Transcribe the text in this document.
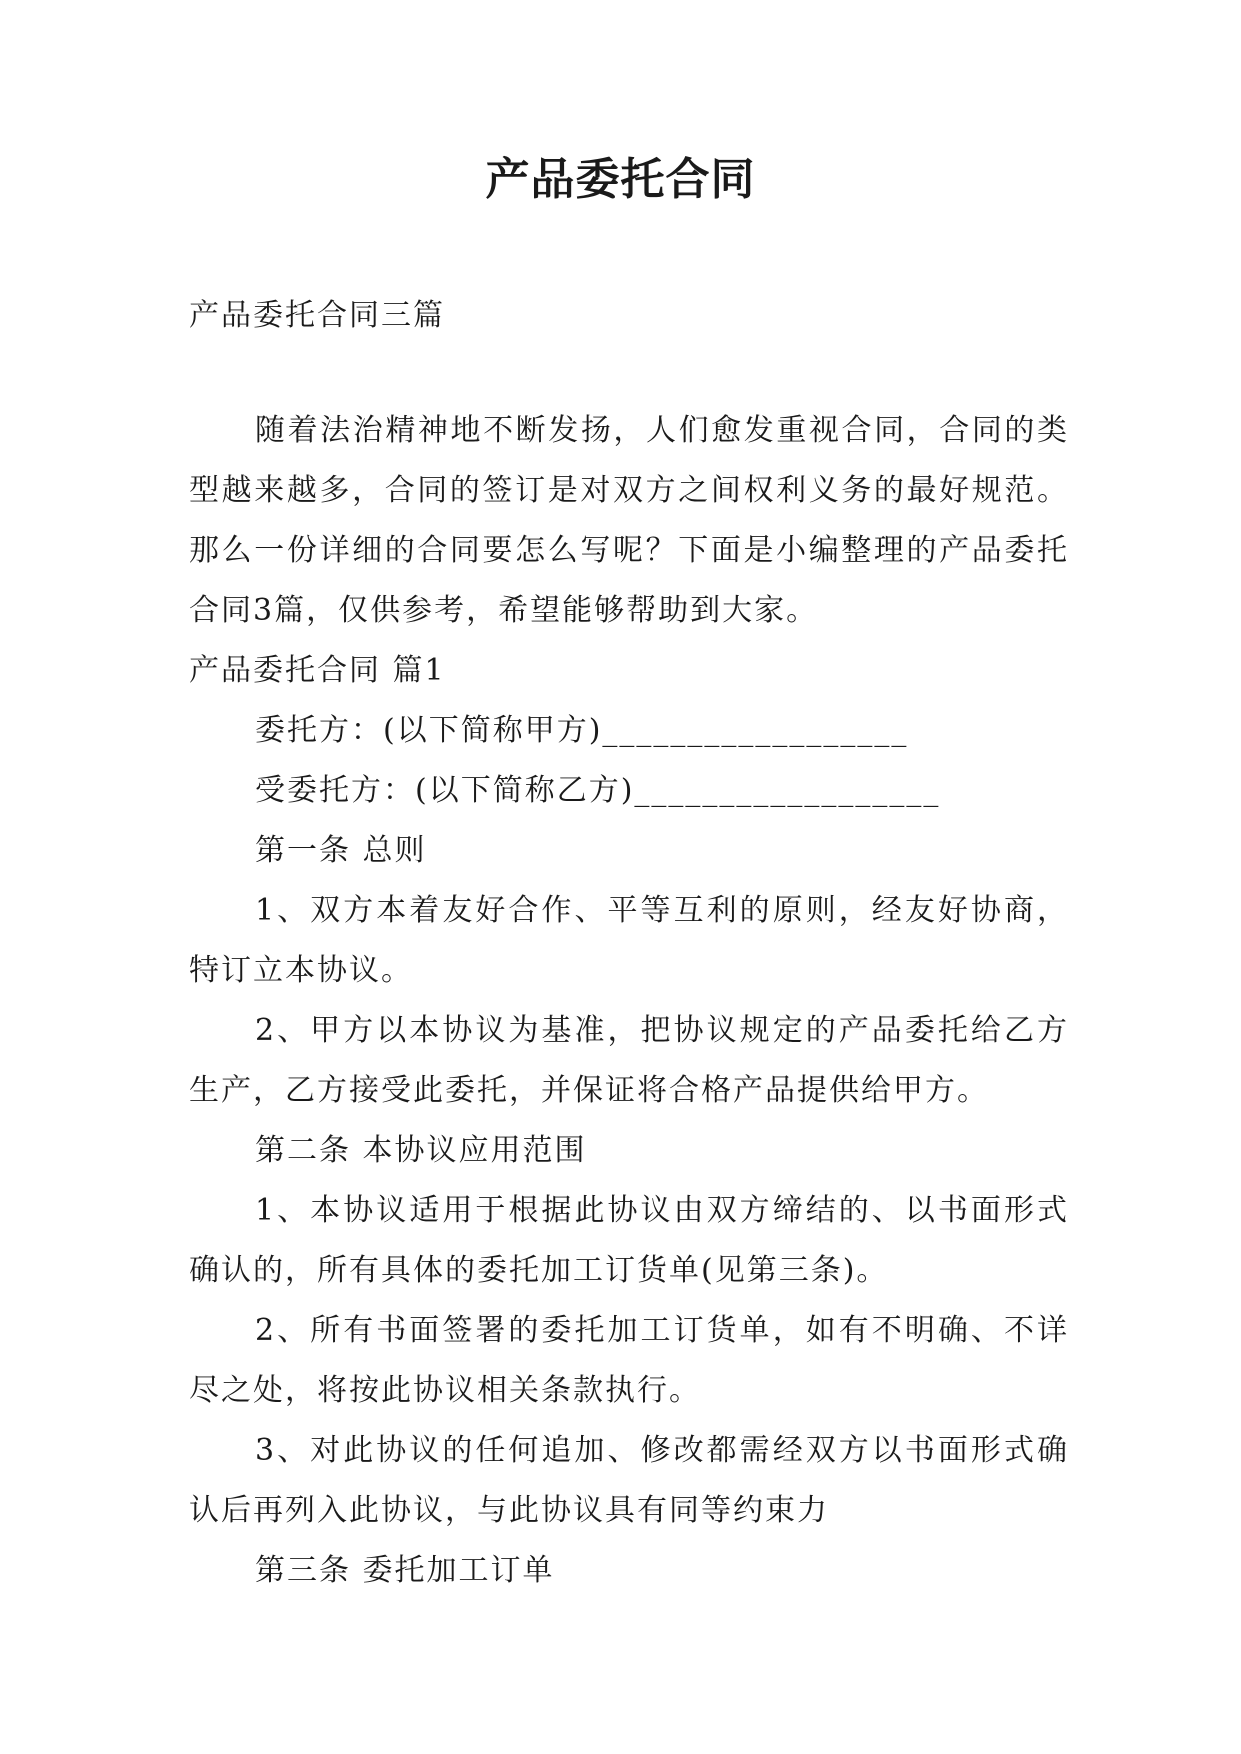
产品委托合同

产品委托合同三篇

随着法治精神地不断发扬，人们愈发重视合同，合同的类型越来越多，合同的签订是对双方之间权利义务的最好规范。那么一份详细的合同要怎么写呢？下面是小编整理的产品委托合同3篇，仅供参考，希望能够帮助到大家。

产品委托合同 篇1

委托方：(以下简称甲方)__________________

受委托方：(以下简称乙方)__________________

第一条 总则

1、双方本着友好合作、平等互利的原则，经友好协商，特订立本协议。

2、甲方以本协议为基准，把协议规定的产品委托给乙方生产，乙方接受此委托，并保证将合格产品提供给甲方。

第二条 本协议应用范围

1、本协议适用于根据此协议由双方缔结的、以书面形式确认的，所有具体的委托加工订货单(见第三条)。

2、所有书面签署的委托加工订货单，如有不明确、不详尽之处，将按此协议相关条款执行。

3、对此协议的任何追加、修改都需经双方以书面形式确认后再列入此协议，与此协议具有同等约束力

第三条 委托加工订单
